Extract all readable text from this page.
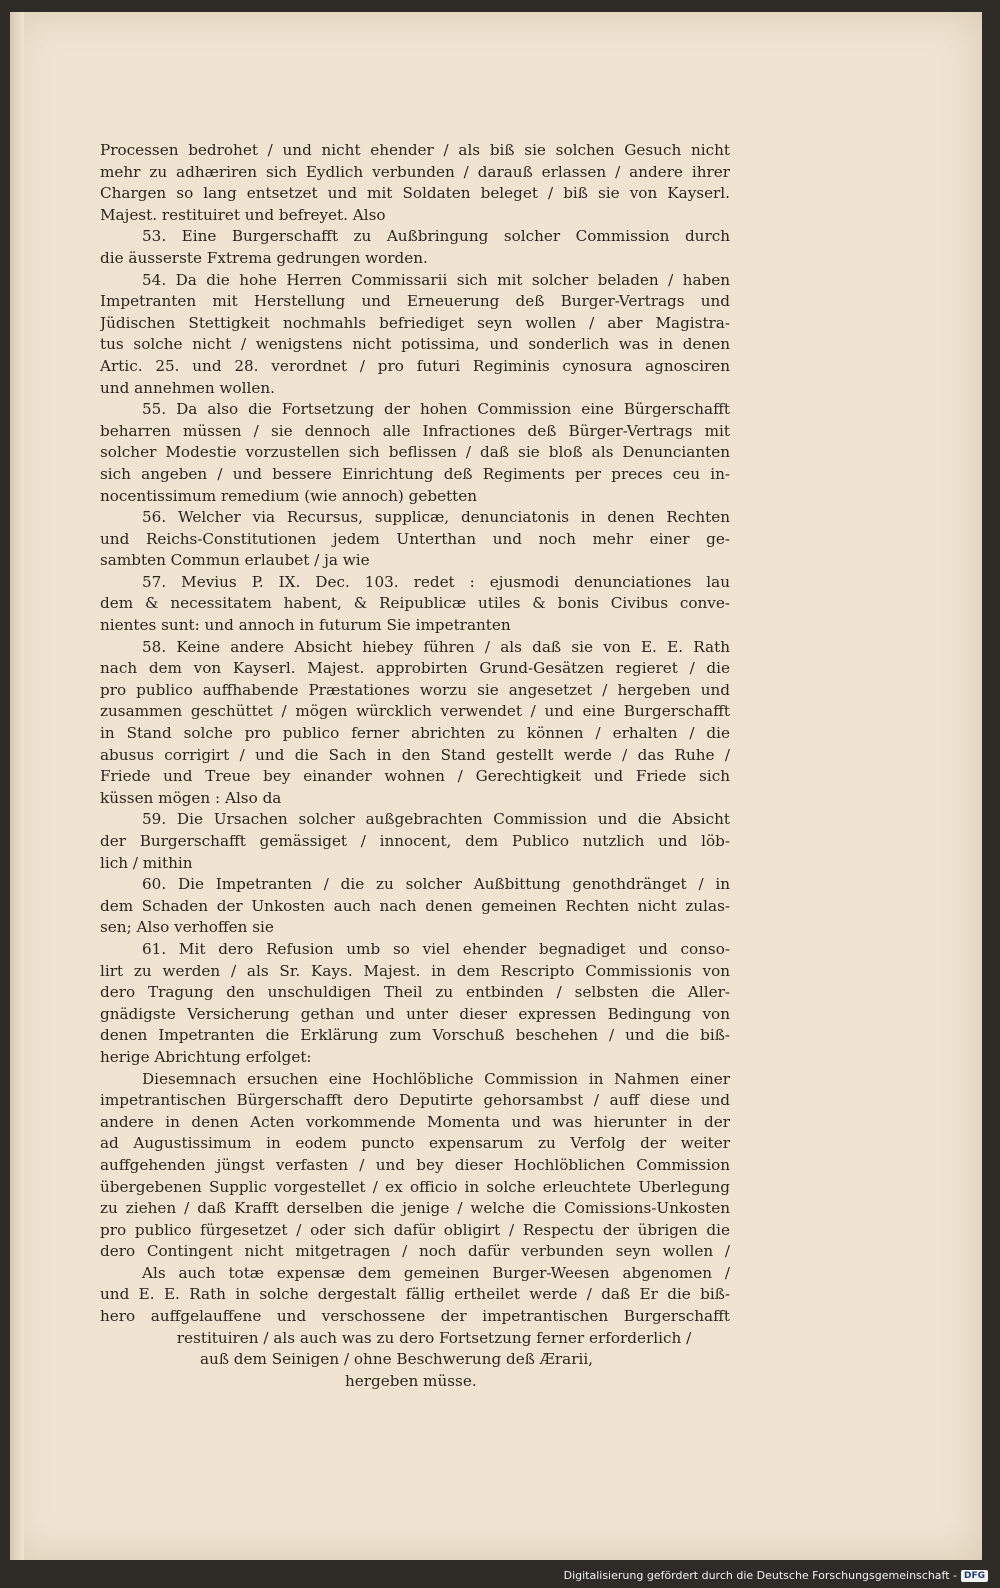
Processen bedrohet / und nicht ehender / als biß sie solchen Gesuch nicht
mehr zu adhæriren sich Eydlich verbunden / darauß erlassen / andere ihrer
Chargen so lang entsetzet und mit Soldaten beleget / biß sie von Kayserl.
Majest. restituiret und befreyet. Also
53. Eine Burgerschafft zu Außbringung solcher Commission durch
die äusserste Fxtrema gedrungen worden.
54. Da die hohe Herren Commissarii sich mit solcher beladen / haben
Impetranten mit Herstellung und Erneuerung deß Burger-Vertrags und
Jüdischen Stettigkeit nochmahls befriediget seyn wollen / aber Magistra-
tus solche nicht / wenigstens nicht potissima, und sonderlich was in denen
Artic. 25. und 28. verordnet / pro futuri Regiminis cynosura agnosciren
und annehmen wollen.
55. Da also die Fortsetzung der hohen Commission eine Bürgerschafft
beharren müssen / sie dennoch alle Infractiones deß Bürger-Vertrags mit
solcher Modestie vorzustellen sich beflissen / daß sie bloß als Denuncianten
sich angeben / und bessere Einrichtung deß Regiments per preces ceu in-
nocentissimum remedium (wie annoch) gebetten
56. Welcher via Recursus, supplicæ, denunciatonis in denen Rechten
und Reichs-Constitutionen jedem Unterthan und noch mehr einer ge-
sambten Commun erlaubet / ja wie
57. Mevius P. IX. Dec. 103. redet : ejusmodi denunciationes lau
dem & necessitatem habent, & Reipublicæ utiles & bonis Civibus conve-
nientes sunt: und annoch in futurum Sie impetranten
58. Keine andere Absicht hiebey führen / als daß sie von E. E. Rath
nach dem von Kayserl. Majest. approbirten Grund-Gesätzen regieret / die
pro publico auffhabende Præstationes worzu sie angesetzet / hergeben und
zusammen geschüttet / mögen würcklich verwendet / und eine Burgerschafft
in Stand solche pro publico ferner abrichten zu können / erhalten / die
abusus corrigirt / und die Sach in den Stand gestellt werde / das Ruhe /
Friede und Treue bey einander wohnen / Gerechtigkeit und Friede sich
küssen mögen : Also da
59. Die Ursachen solcher außgebrachten Commission und die Absicht
der Burgerschafft gemässiget / innocent, dem Publico nutzlich und löb-
lich / mithin
60. Die Impetranten / die zu solcher Außbittung genothdränget / in
dem Schaden der Unkosten auch nach denen gemeinen Rechten nicht zulas-
sen; Also verhoffen sie
61. Mit dero Refusion umb so viel ehender begnadiget und conso-
lirt zu werden / als Sr. Kays. Majest. in dem Rescripto Commissionis von
dero Tragung den unschuldigen Theil zu entbinden / selbsten die Aller-
gnädigste Versicherung gethan und unter dieser expressen Bedingung von
denen Impetranten die Erklärung zum Vorschuß beschehen / und die biß-
herige Abrichtung erfolget:
Diesemnach ersuchen eine Hochlöbliche Commission in Nahmen einer
impetrantischen Bürgerschafft dero Deputirte gehorsambst / auff diese und
andere in denen Acten vorkommende Momenta und was hierunter in der
ad Augustissimum in eodem puncto expensarum zu Verfolg der weiter
auffgehenden jüngst verfasten / und bey dieser Hochlöblichen Commission
übergebenen Supplic vorgestellet / ex officio in solche erleuchtete Uberlegung
zu ziehen / daß Krafft derselben die jenige / welche die Comissions-Unkosten
pro publico fürgesetzet / oder sich dafür obligirt / Respectu der übrigen die
dero Contingent nicht mitgetragen / noch dafür verbunden seyn wollen /
Als auch totæ expensæ dem gemeinen Burger-Weesen abgenomen /
und E. E. Rath in solche dergestalt fällig ertheilet werde / daß Er die biß-
hero auffgelauffene und verschossene der impetrantischen Burgerschafft
restituiren / als auch was zu dero Fortsetzung ferner erforderlich /
auß dem Seinigen / ohne Beschwerung deß Ærarii,
hergeben müsse.
Digitalisierung gefördert durch die Deutsche Forschungsgemeinschaft - DFG
